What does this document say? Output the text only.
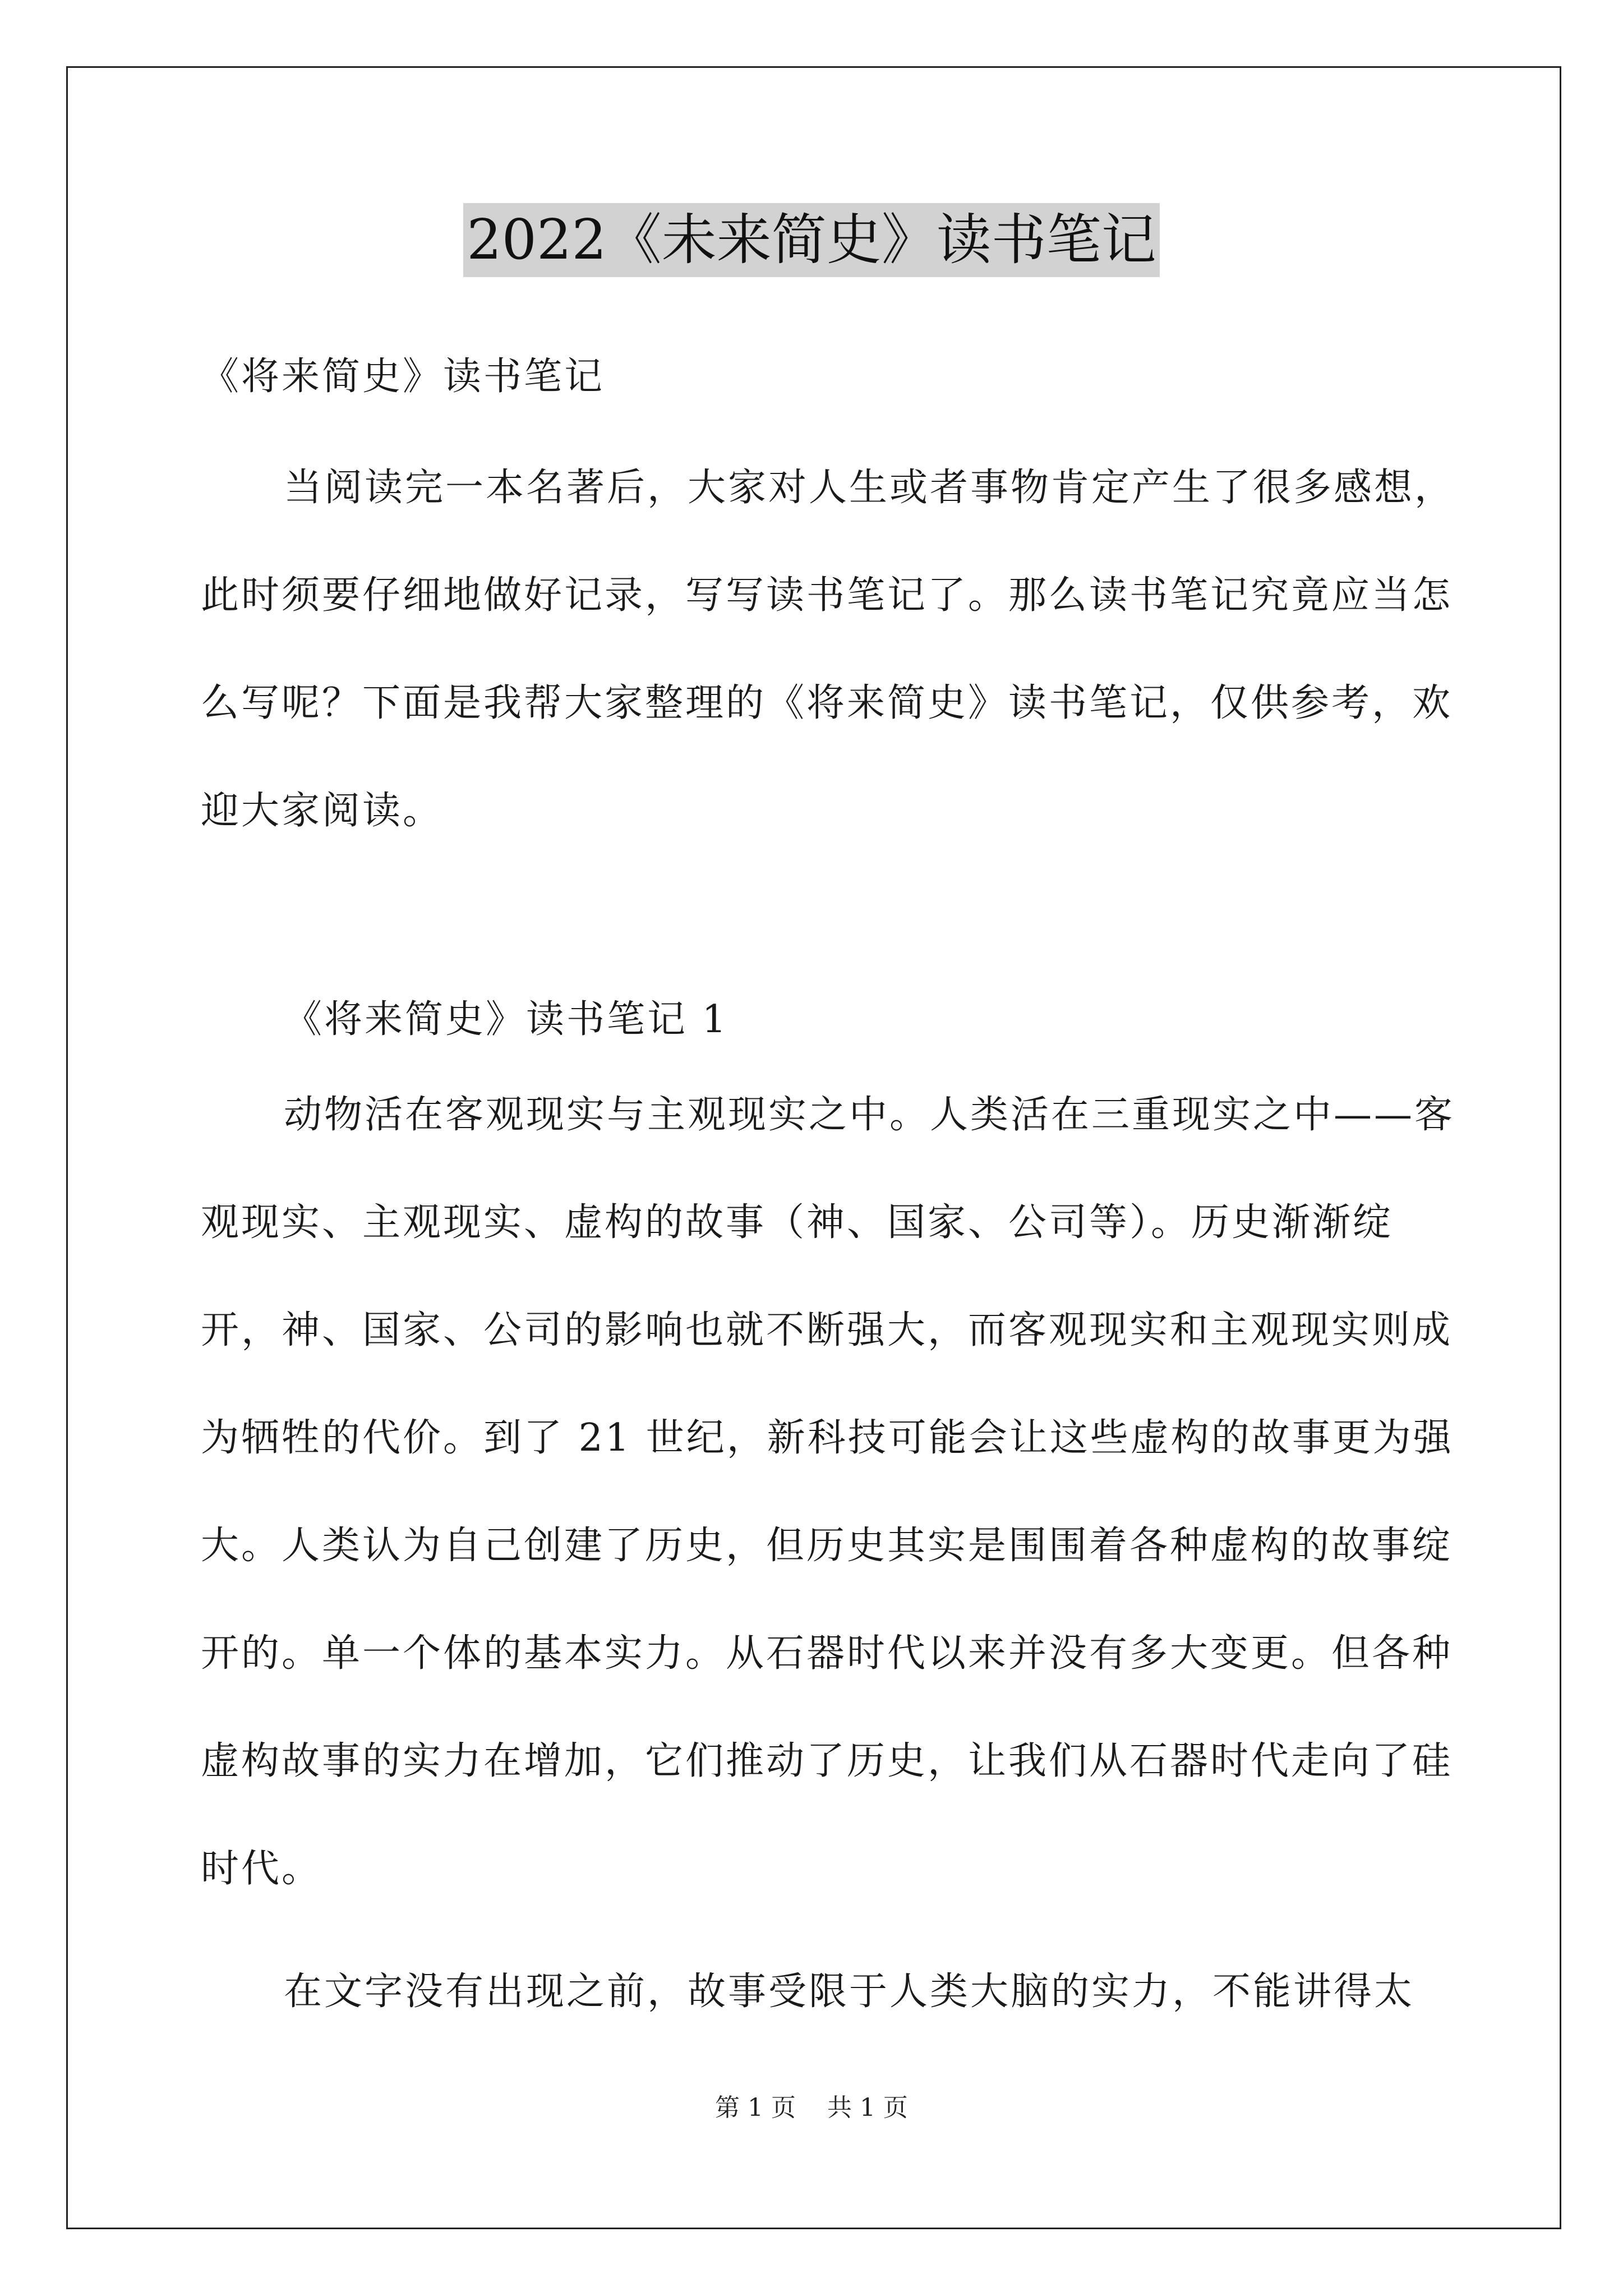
2022《未来简史》读书笔记

《将来简史》读书笔记

当阅读完一本名著后，大家对人生或者事物肯定产生了很多感想，此时须要仔细地做好记录，写写读书笔记了。那么读书笔记究竟应当怎么写呢？下面是我帮大家整理的《将来简史》读书笔记，仅供参考，欢迎大家阅读。

《将来简史》读书笔记 1

动物活在客观现实与主观现实之中。人类活在三重现实之中——客观现实、主观现实、虚构的故事（神、国家、公司等）。历史渐渐绽开，神、国家、公司的影响也就不断强大，而客观现实和主观现实则成为牺牲的代价。到了 21 世纪，新科技可能会让这些虚构的故事更为强大。人类认为自己创建了历史，但历史其实是围围着各种虚构的故事绽开的。单一个体的基本实力。从石器时代以来并没有多大变更。但各种虚构故事的实力在增加，它们推动了历史，让我们从石器时代走向了硅时代。

在文字没有出现之前，故事受限于人类大脑的实力，不能讲得太

第 1 页    共 1 页
